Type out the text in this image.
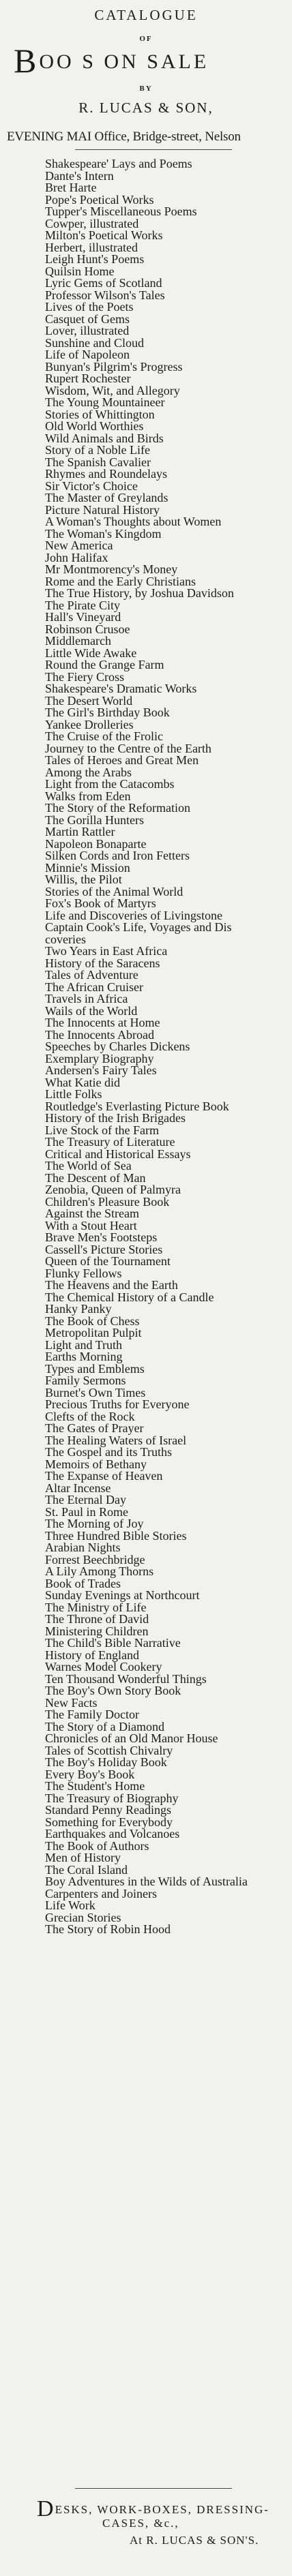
CATALOGUE
OF
BOO S ON SALE
BY
R. LUCAS & SON,
EVENING MAI Office, Bridge-street, Nelson
Shakespeare' Lays and Poems
Dante's Intern
Bret Harte
Pope's Poetical Works
Tupper's Miscellaneous Poems
Cowper, illustrated
Milton's Poetical Works
Herbert, illustrated
Leigh Hunt's Poems
Quilsin Home
Lyric Gems of Scotland
Professor Wilson's Tales
Lives of the Poets
Casquet of Gems
Lover, illustrated
Sunshine and Cloud
Life of Napoleon
Bunyan's Pilgrim's Progress
Rupert Rochester
Wisdom, Wit, and Allegory
The Young Mountaineer
Stories of Whittington
Old World Worthies
Wild Animals and Birds
Story of a Noble Life
The Spanish Cavalier
Rhymes and Roundelays
Sir Victor's Choice
The Master of Greylands
Picture Natural History
A Woman's Thoughts about Women
The Woman's Kingdom
New America
John Halifax
Mr Montmorency's Money
Rome and the Early Christians
The True History, by Joshua Davidson
The Pirate City
Hall's Vineyard
Robinson Crusoe
Middlemarch
Little Wide Awake
Round the Grange Farm
The Fiery Cross
Shakespeare's Dramatic Works
The Desert World
The Girl's Birthday Book
Yankee Drolleries
The Cruise of the Frolic
Journey to the Centre of the Earth
Tales of Heroes and Great Men
Among the Arabs
Light from the Catacombs
Walks from Eden
The Story of the Reformation
The Gorilla Hunters
Martin Rattler
Napoleon Bonaparte
Silken Cords and Iron Fetters
Minnie's Mission
Willis, the Pilot
Stories of the Animal World
Fox's Book of Martyrs
Life and Discoveries of Livingstone
Captain Cook's Life, Voyages and Dis
coveries
Two Years in East Africa
History of the Saracens
Tales of Adventure
The African Cruiser
Travels in Africa
Wails of the World
The Innocents at Home
The Innocents Abroad
Speeches by Charles Dickens
Exemplary Biography
Andersen's Fairy Tales
What Katie did
Little Folks
Routledge's Everlasting Picture Book
History of the Irish Brigades
Live Stock of the Farm
The Treasury of Literature
Critical and Historical Essays
The World of Sea
The Descent of Man
Zenobia, Queen of Palmyra
Children's Pleasure Book
Against the Stream
With a Stout Heart
Brave Men's Footsteps
Cassell's Picture Stories
Queen of the Tournament
Flunky Fellows
The Heavens and the Earth
The Chemical History of a Candle
Hanky Panky
The Book of Chess
Metropolitan Pulpit
Light and Truth
Earths Morning
Types and Emblems
Family Sermons
Burnet's Own Times
Precious Truths for Everyone
Clefts of the Rock
The Gates of Prayer
The Healing Waters of Israel
The Gospel and its Truths
Memoirs of Bethany
The Expanse of Heaven
Altar Incense
The Eternal Day
St. Paul in Rome
The Morning of Joy
Three Hundred Bible Stories
Arabian Nights
Forrest Beechbridge
A Lily Among Thorns
Book of Trades
Sunday Evenings at Northcourt
The Ministry of Life
The Throne of David
Ministering Children
The Child's Bible Narrative
History of England
Warnes Model Cookery
Ten Thousand Wonderful Things
The Boy's Own Story Book
New Facts
The Family Doctor
The Story of a Diamond
Chronicles of an Old Manor House
Tales of Scottish Chivalry
The Boy's Holiday Book
Every Boy's Book
The Student's Home
The Treasury of Biography
Standard Penny Readings
Something for Everybody
Earthquakes and Volcanoes
The Book of Authors
Men of History
The Coral Island
Boy Adventures in the Wilds of Australia
Carpenters and Joiners
Life Work
Grecian Stories
The Story of Robin Hood
DESKS, WORK-BOXES, DRESSING-
CASES, &c.,
At R. LUCAS & SON'S.
